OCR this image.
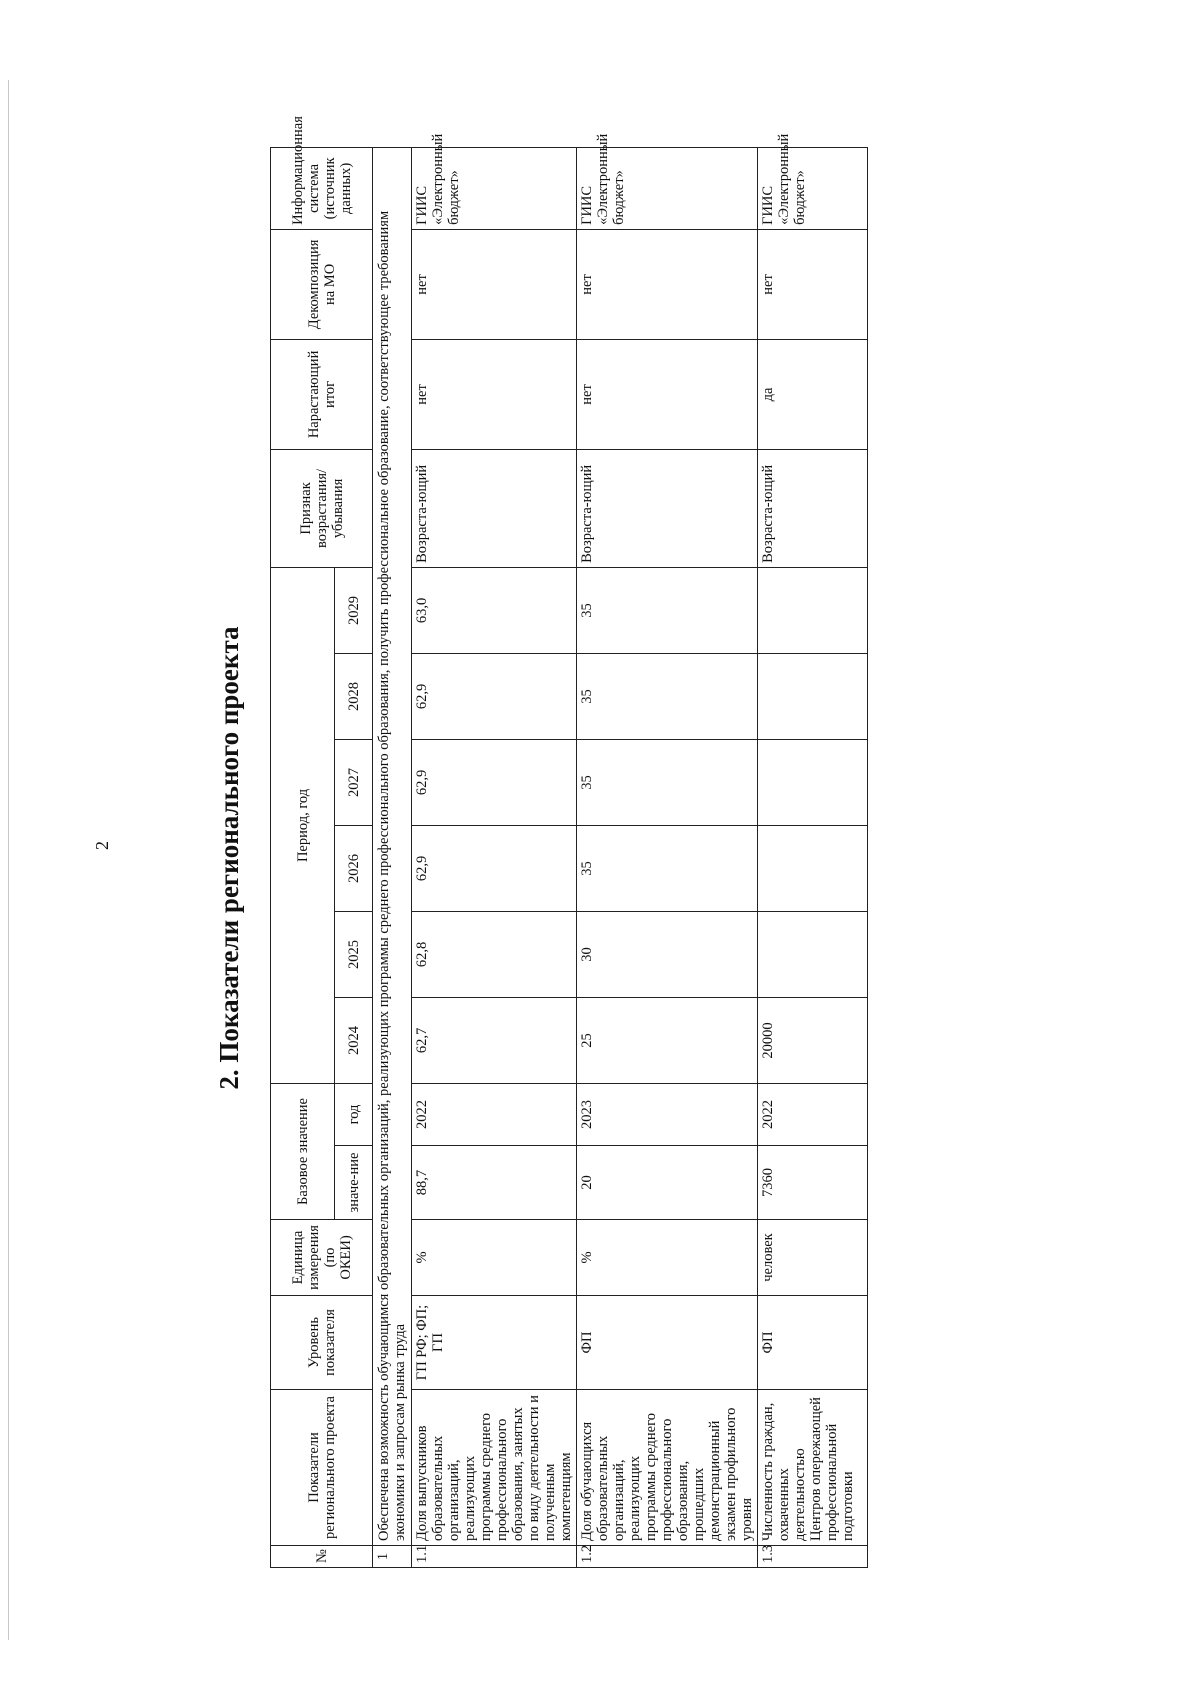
2	2. Показатели регионального проекта
№	Показатели регионального проекта	Уровень показателя	Единица измерения (по ОКЕИ)	Базовое значение		Период, год						Признак возрастания/ убывания	Нарастающий итог	Декомпозиция на МО	Информационная система (источник данных)
				значе-ние	год	2024	2025	2026	2027	2028	2029				
1	Обеспечена возможность обучающимся образовательных организаций, реализующих программы среднего профессионального образования, получить профессиональное образование, соответствующее требованиям экономики и запросам рынка труда														
1.1	Доля выпускников образовательных организаций, реализующих программы среднего профессионального образования, занятых по виду деятельности и полученным компетенциям	ГП РФ; ФП; ГП	%	88,7	2022	62,7	62,8	62,9	62,9	62,9	63,0	Возраста-ющий	нет	нет	ГИИС «Электронный бюджет»
1.2	Доля обучающихся образовательных организаций, реализующих программы среднего профессионального образования, прошедших демонстрационный экзамен профильного уровня	ФП	%	20	2023	25	30	35	35	35	35	Возраста-ющий	нет	нет	ГИИС «Электронный бюджет»
1.3	Численность граждан, охваченных деятельностью Центров опережающей профессиональной подготовки	ФП	человек	7360	2022	20000						Возраста-ющий	да	нет	ГИИС «Электронный бюджет»
